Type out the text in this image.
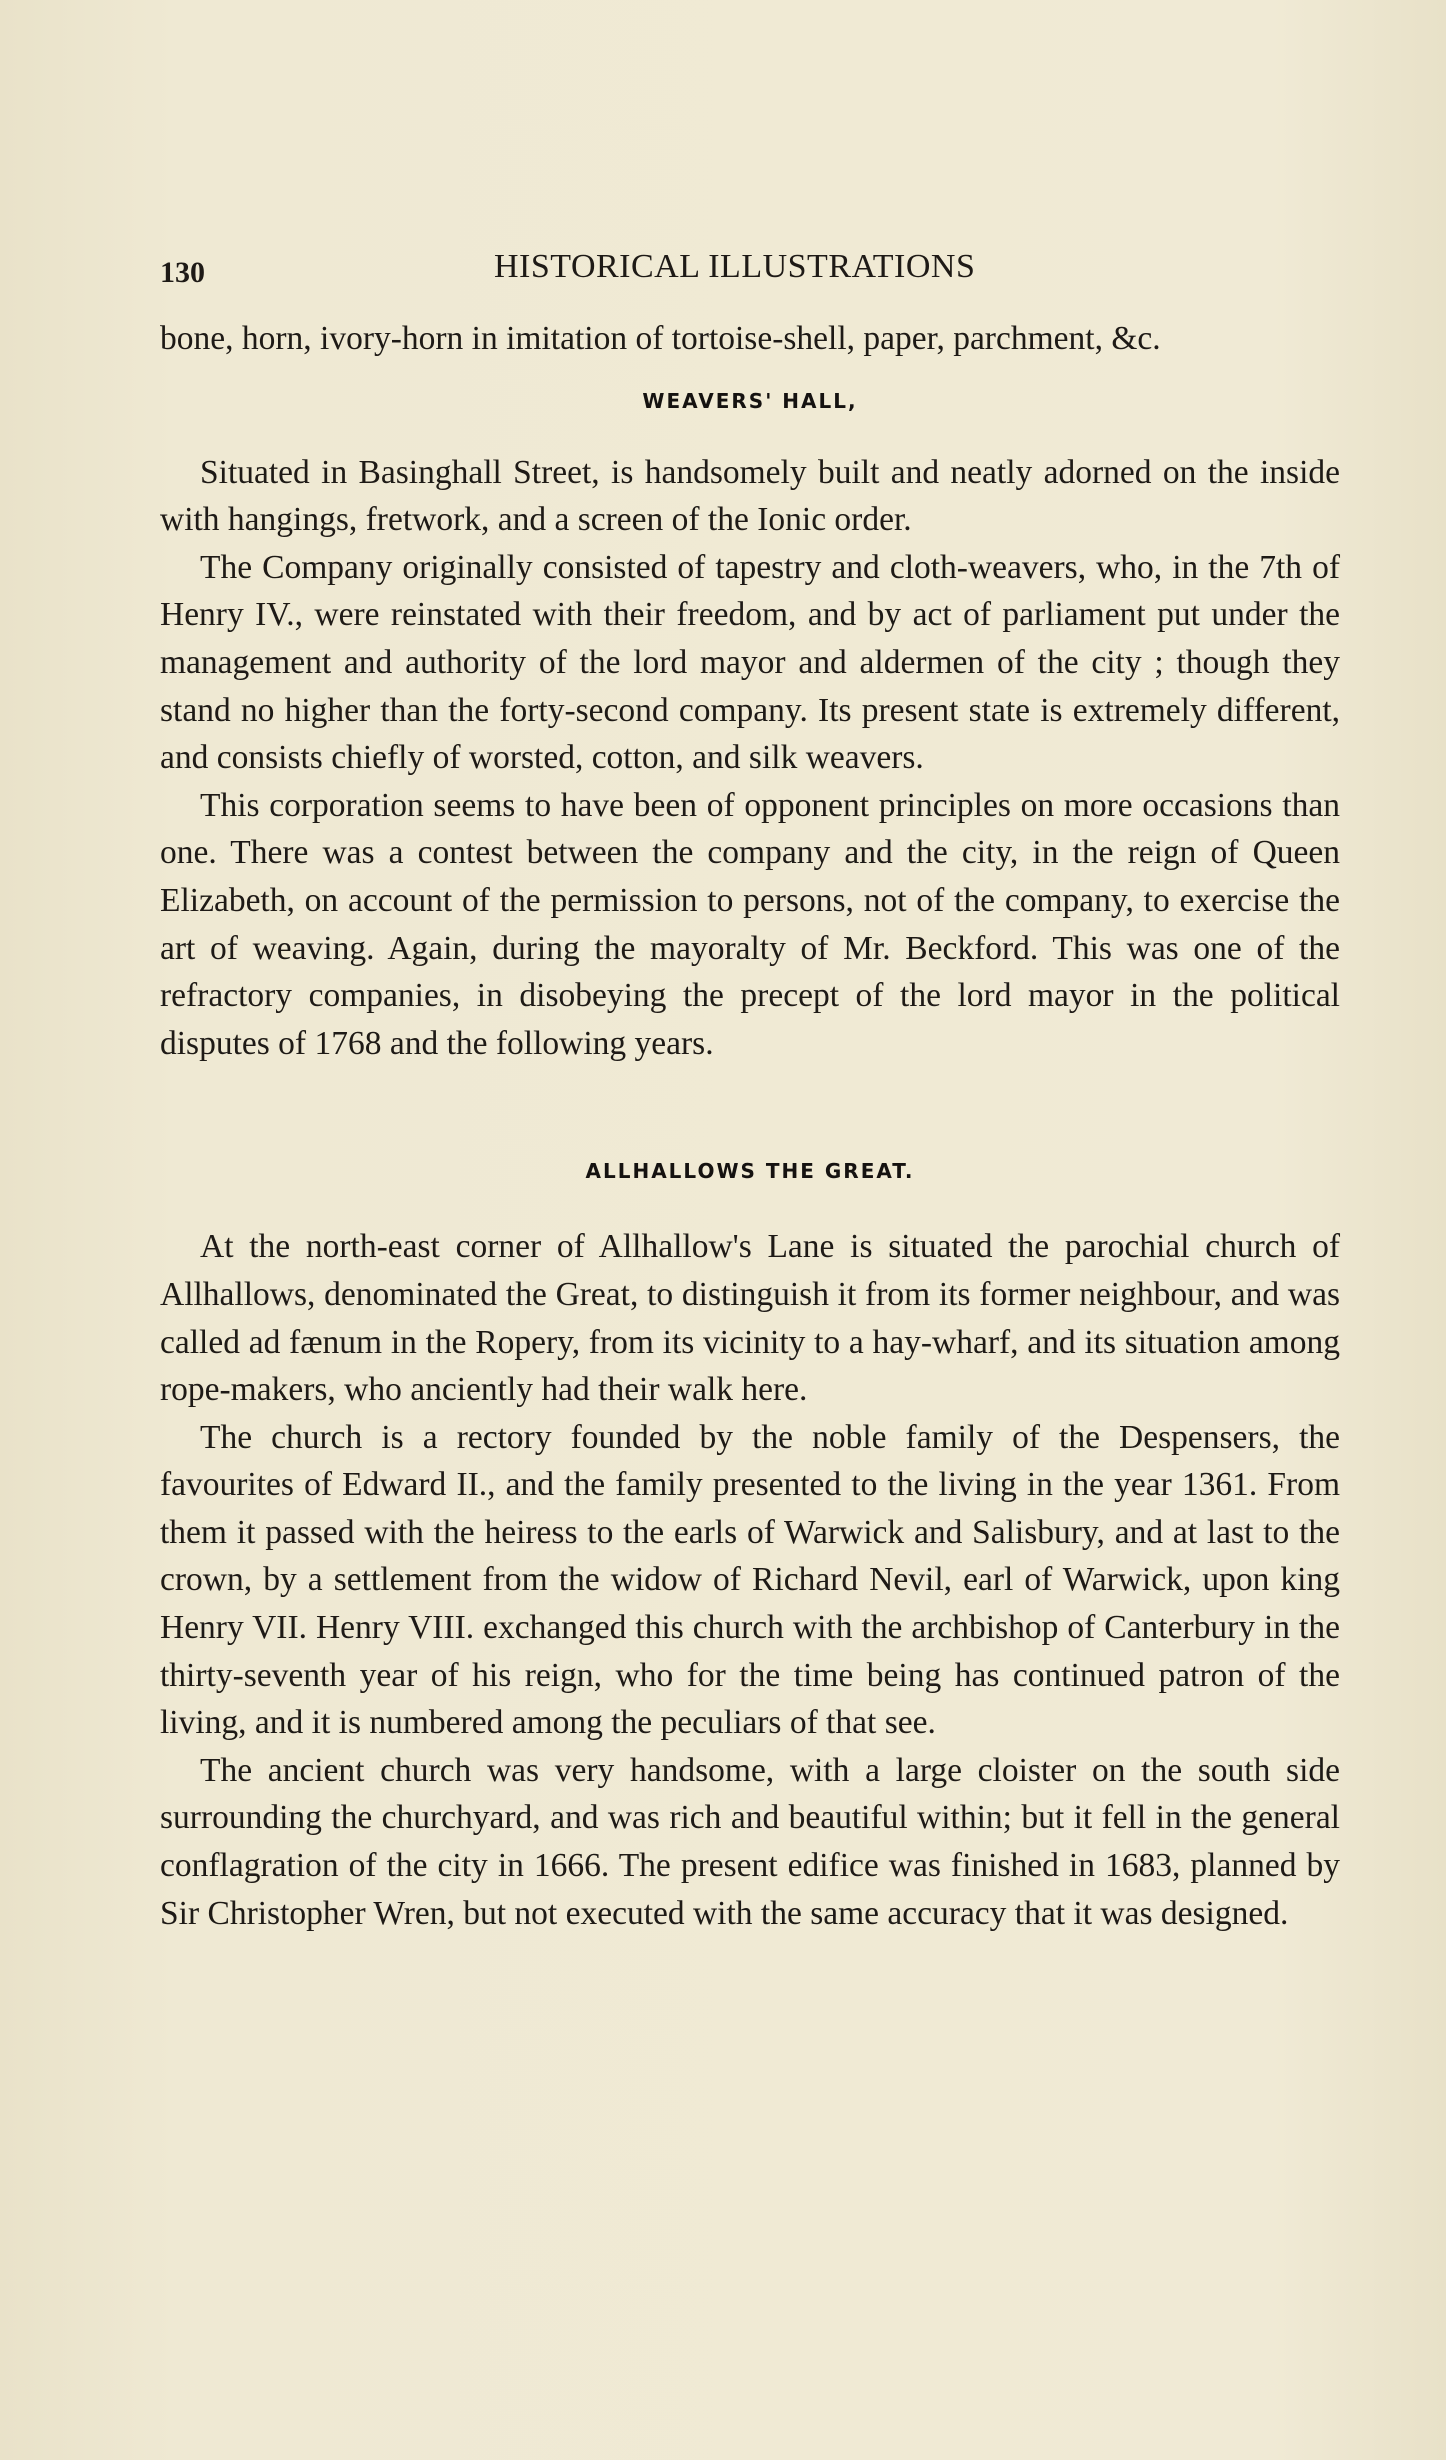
130	HISTORICAL ILLUSTRATIONS

bone, horn, ivory-horn in imitation of tortoise-shell, paper, parchment, &c.

WEAVERS' HALL,

Situated in Basinghall Street, is handsomely built and neatly adorned on the inside with hangings, fretwork, and a screen of the Ionic order.

The Company originally consisted of tapestry and cloth-weavers, who, in the 7th of Henry IV., were reinstated with their freedom, and by act of parliament put under the management and authority of the lord mayor and aldermen of the city ; though they stand no higher than the forty-second company. Its present state is extremely different, and consists chiefly of worsted, cotton, and silk weavers.

This corporation seems to have been of opponent principles on more occasions than one. There was a contest between the company and the city, in the reign of Queen Elizabeth, on account of the permission to persons, not of the company, to exercise the art of weaving. Again, during the mayoralty of Mr. Beckford. This was one of the refractory companies, in disobeying the precept of the lord mayor in the political disputes of 1768 and the following years.

ALLHALLOWS THE GREAT.

At the north-east corner of Allhallow's Lane is situated the parochial church of Allhallows, denominated the Great, to distinguish it from its former neighbour, and was called ad fænum in the Ropery, from its vicinity to a hay-wharf, and its situation among rope-makers, who anciently had their walk here.

The church is a rectory founded by the noble family of the Despensers, the favourites of Edward II., and the family presented to the living in the year 1361. From them it passed with the heiress to the earls of Warwick and Salisbury, and at last to the crown, by a settlement from the widow of Richard Nevil, earl of Warwick, upon king Henry VII. Henry VIII. exchanged this church with the archbishop of Canterbury in the thirty-seventh year of his reign, who for the time being has continued patron of the living, and it is numbered among the peculiars of that see.

The ancient church was very handsome, with a large cloister on the south side surrounding the churchyard, and was rich and beautiful within; but it fell in the general conflagration of the city in 1666. The present edifice was finished in 1683, planned by Sir Christopher Wren, but not executed with the same accuracy that it was designed.
